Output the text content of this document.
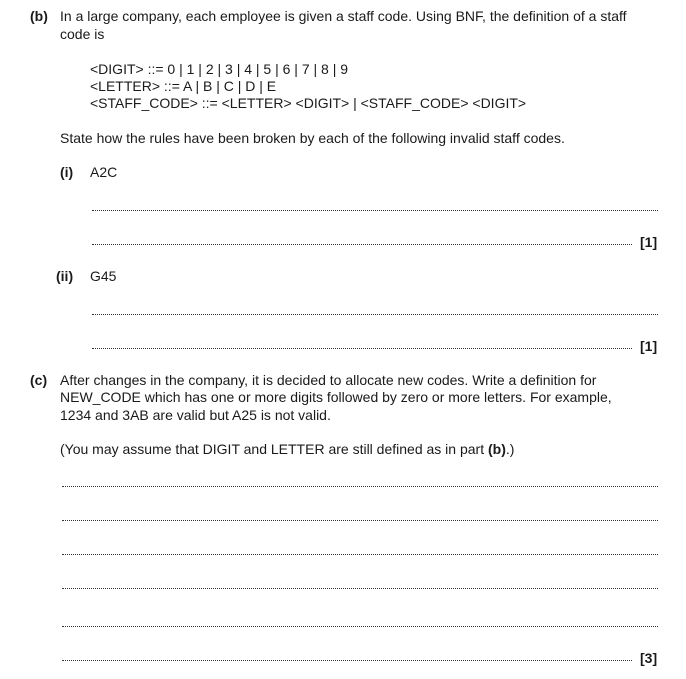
(b) In a large company, each employee is given a staff code. Using BNF, the definition of a staff
code is
<DIGIT> ::= 0 | 1 | 2 | 3 | 4 | 5 | 6 | 7 | 8 | 9
<LETTER> ::= A | B | C | D | E
<STAFF_CODE> ::= <LETTER> <DIGIT> | <STAFF_CODE> <DIGIT>
State how the rules have been broken by each of the following invalid staff codes.
(i) A2C
[1]
(ii) G45
[1]
(c) After changes in the company, it is decided to allocate new codes. Write a definition for
NEW_CODE which has one or more digits followed by zero or more letters. For example,
1234 and 3AB are valid but A25 is not valid.
(You may assume that DIGIT and LETTER are still defined as in part (b).)
[3]
